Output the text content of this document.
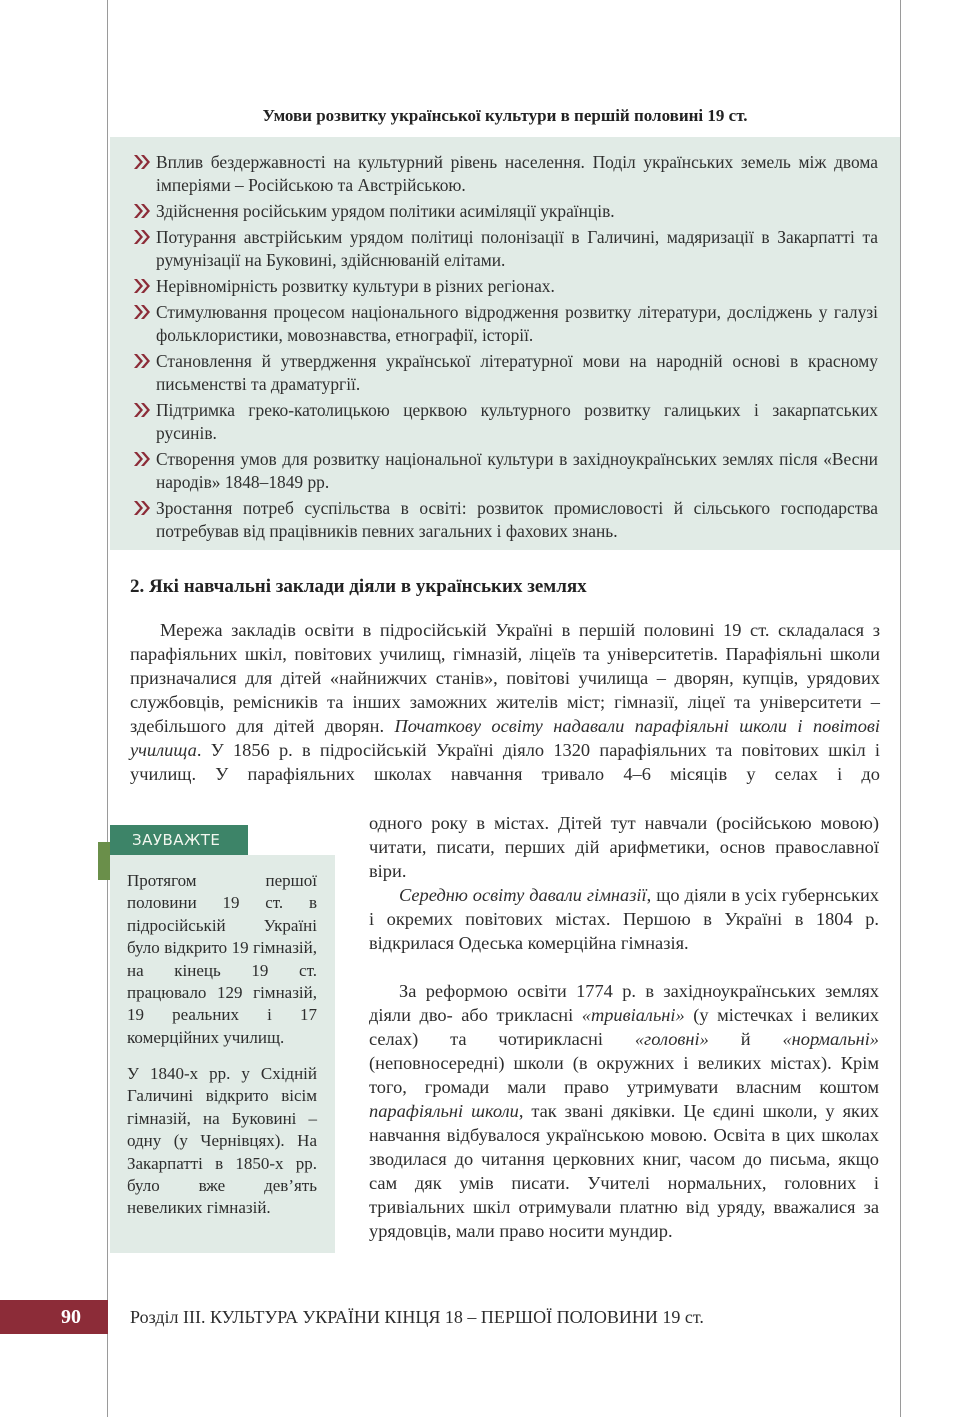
Умови розвитку української культури в першій половині 19 ст.
Вплив бездержавності на культурний рівень населення. Поділ українських земель між двома імперіями – Російською та Австрійською.
Здійснення російським урядом політики асиміляції українців.
Потурання австрійським урядом політиці полонізації в Галичині, мадяризації в Закарпатті та румунізації на Буковині, здійснюваній елітами.
Нерівномірність розвитку культури в різних регіонах.
Стимулювання процесом національного відродження розвитку літератури, досліджень у галузі фольклористики, мовознавства, етнографії, історії.
Становлення й утвердження української літературної мови на народній основі в красному письменстві та драматургії.
Підтримка греко-католицькою церквою культурного розвитку галицьких і закарпатських русинів.
Створення умов для розвитку національної культури в західноукраїнських землях після «Весни народів» 1848–1849 рр.
Зростання потреб суспільства в освіті: розвиток промисловості й сільського господарства потребував від працівників певних загальних і фахових знань.
2. Які навчальні заклади діяли в українських землях

Мережа закладів освіти в підросійській Україні в першій половині 19 ст. складалася з парафіяльних шкіл, повітових училищ, гімназій, ліцеїв та університетів. Парафіяльні школи призначалися для дітей «найнижчих станів», повітові училища – дворян, купців, урядових службовців, ремісників та інших заможних жителів міст; гімназії, ліцеї та університети – здебільшого для дітей дворян. Початкову освіту надавали парафіяльні школи і повітові училища. У 1856 р. в підросійській Україні діяло 1320 парафіяльних та повітових шкіл і училищ. У парафіяльних школах навчання тривало 4–6 місяців у селах і до

одного року в містах. Дітей тут навчали (російською мовою) читати, писати, перших дій арифметики, основ православної віри.

Середню освіту давали гімназії, що діяли в усіх губернських і окремих повітових містах. Першою в Україні в 1804 р. відкрилася Одеська комерційна гімназія.

За реформою освіти 1774 р. в західноукраїнських землях діяли дво- або трикласні «тривіальні» (у містечках і великих селах) та чотирикласні «головні» й «нормальні» (неповносередні) школи (в окружних і великих містах). Крім того, громади мали право утримувати власним коштом парафіяльні школи, так звані дяківки. Це єдині школи, у яких навчання відбувалося українською мовою. Освіта в цих школах зводилася до читання церковних книг, часом до письма, якщо сам дяк умів писати. Учителі нормальних, головних і тривіальних шкіл отримували платню від уряду, вважалися за урядовців, мали право носити мундир.

ЗАУВАЖТЕ

Протягом першої половини 19 ст. в підросійській Україні було відкрито 19 гімназій, на кінець 19 ст. працювало 129 гімназій, 19 реальних і 17 комерційних училищ.

У 1840-х рр. у Східній Галичині відкрито вісім гімназій, на Буковині – одну (у Чернівцях). На Закарпатті в 1850-х рр. було вже дев’ять невеликих гімназій.

90	Розділ ІІІ. КУЛЬТУРА УКРАЇНИ КІНЦЯ 18 – ПЕРШОЇ ПОЛОВИНИ 19 ст.
